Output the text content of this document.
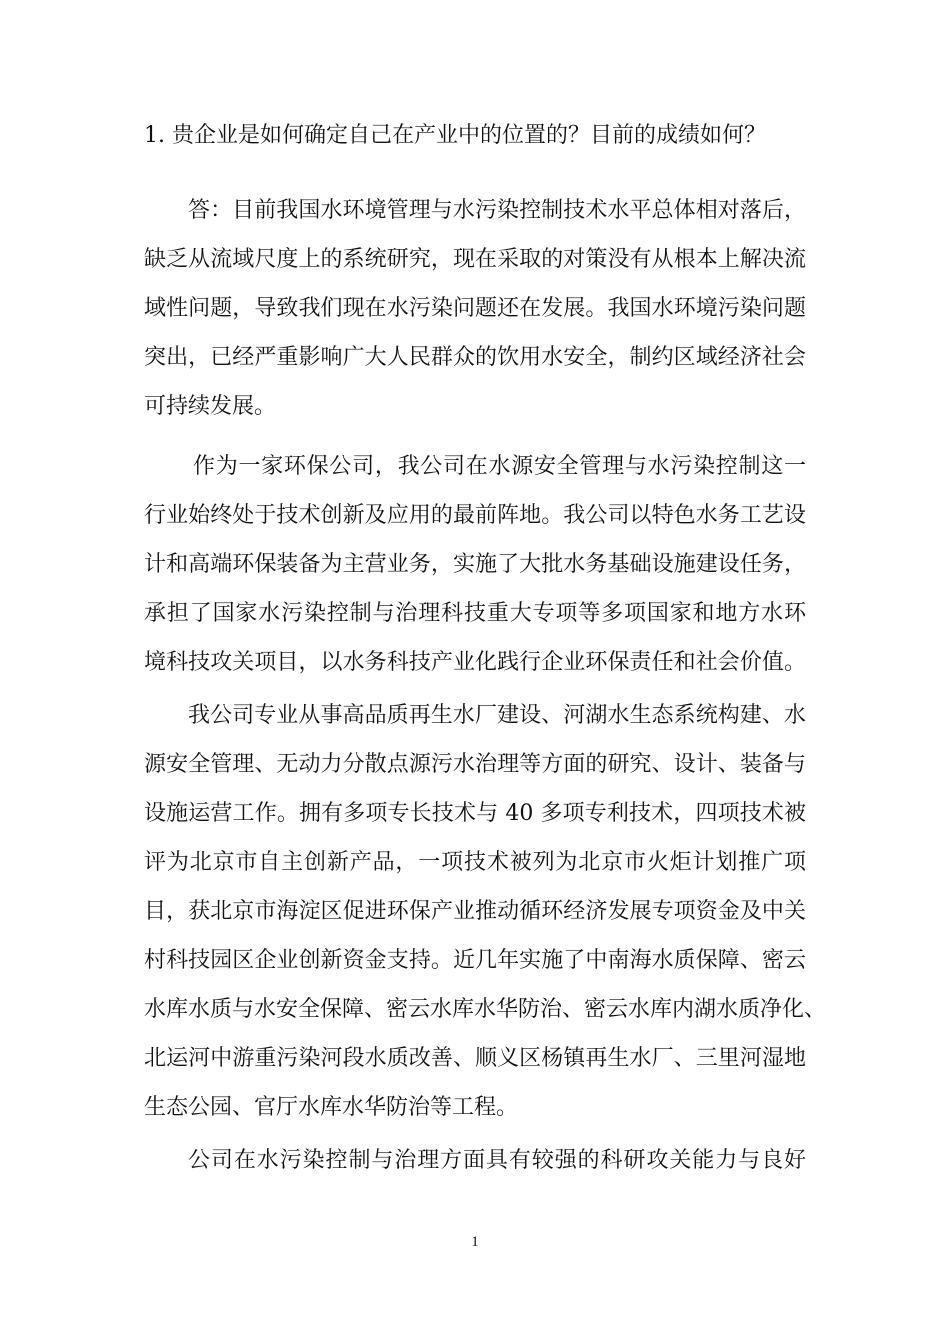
1. 贵企业是如何确定自己在产业中的位置的？目前的成绩如何？
答：目前我国水环境管理与水污染控制技术水平总体相对落后，
缺乏从流域尺度上的系统研究，现在采取的对策没有从根本上解决流
域性问题，导致我们现在水污染问题还在发展。我国水环境污染问题
突出，已经严重影响广大人民群众的饮用水安全，制约区域经济社会
可持续发展。
作为一家环保公司，我公司在水源安全管理与水污染控制这一
行业始终处于技术创新及应用的最前阵地。我公司以特色水务工艺设
计和高端环保装备为主营业务，实施了大批水务基础设施建设任务，
承担了国家水污染控制与治理科技重大专项等多项国家和地方水环
境科技攻关项目，以水务科技产业化践行企业环保责任和社会价值。
我公司专业从事高品质再生水厂建设、河湖水生态系统构建、水
源安全管理、无动力分散点源污水治理等方面的研究、设计、装备与
设施运营工作。拥有多项专长技术与 40 多项专利技术，四项技术被
评为北京市自主创新产品，一项技术被列为北京市火炬计划推广项
目，获北京市海淀区促进环保产业推动循环经济发展专项资金及中关
村科技园区企业创新资金支持。近几年实施了中南海水质保障、密云
水库水质与水安全保障、密云水库水华防治、密云水库内湖水质净化、
北运河中游重污染河段水质改善、顺义区杨镇再生水厂、三里河湿地
生态公园、官厅水库水华防治等工程。
公司在水污染控制与治理方面具有较强的科研攻关能力与良好
1
